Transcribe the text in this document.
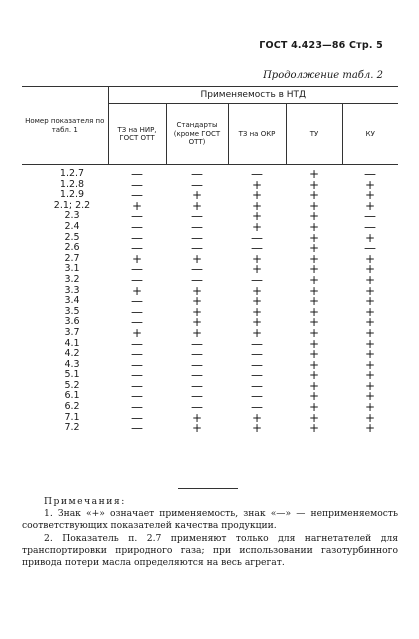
ГОСТ 4.423—86 Стр. 5
Продолжение табл. 2
Номер показателя по табл. 1	Применяемость в НТД				
	ТЗ на НИР, ГОСТ ОТТ	Стандарты (кроме ГОСТ ОТТ)	ТЗ на ОКР	ТУ	КУ
1.2.7	—	—	—	+	—
1.2.8	—	—	+	+	+
1.2.9	—	+	+	+	+
2.1; 2.2	+	+	+	+	+
2.3	—	—	+	+	—
2.4	—	—	+	+	—
2.5	—	—	—	+	+
2.6	—	—	—	+	—
2.7	+	+	+	+	+
3.1	—	—	+	+	+
3.2	—	—	—	+	+
3.3	+	+	+	+	+
3.4	—	+	+	+	+
3.5	—	+	+	+	+
3.6	—	+	+	+	+
3.7	+	+	+	+	+
4.1	—	—	—	+	+
4.2	—	—	—	+	+
4.3	—	—	—	+	+
5.1	—	—	—	+	+
5.2	—	—	—	+	+
6.1	—	—	—	+	+
6.2	—	—	—	+	+
7.1	—	+	+	+	+
7.2	—	+	+	+	+
Примечания:

1. Знак «+» означает применяемость, знак «—» — неприменяемость соответствующих показателей качества продукции.

2. Показатель п. 2.7 применяют только для нагнетателей для транспортировки природного газа; при использовании газотурбинного привода потери масла определяются на весь агрегат.
